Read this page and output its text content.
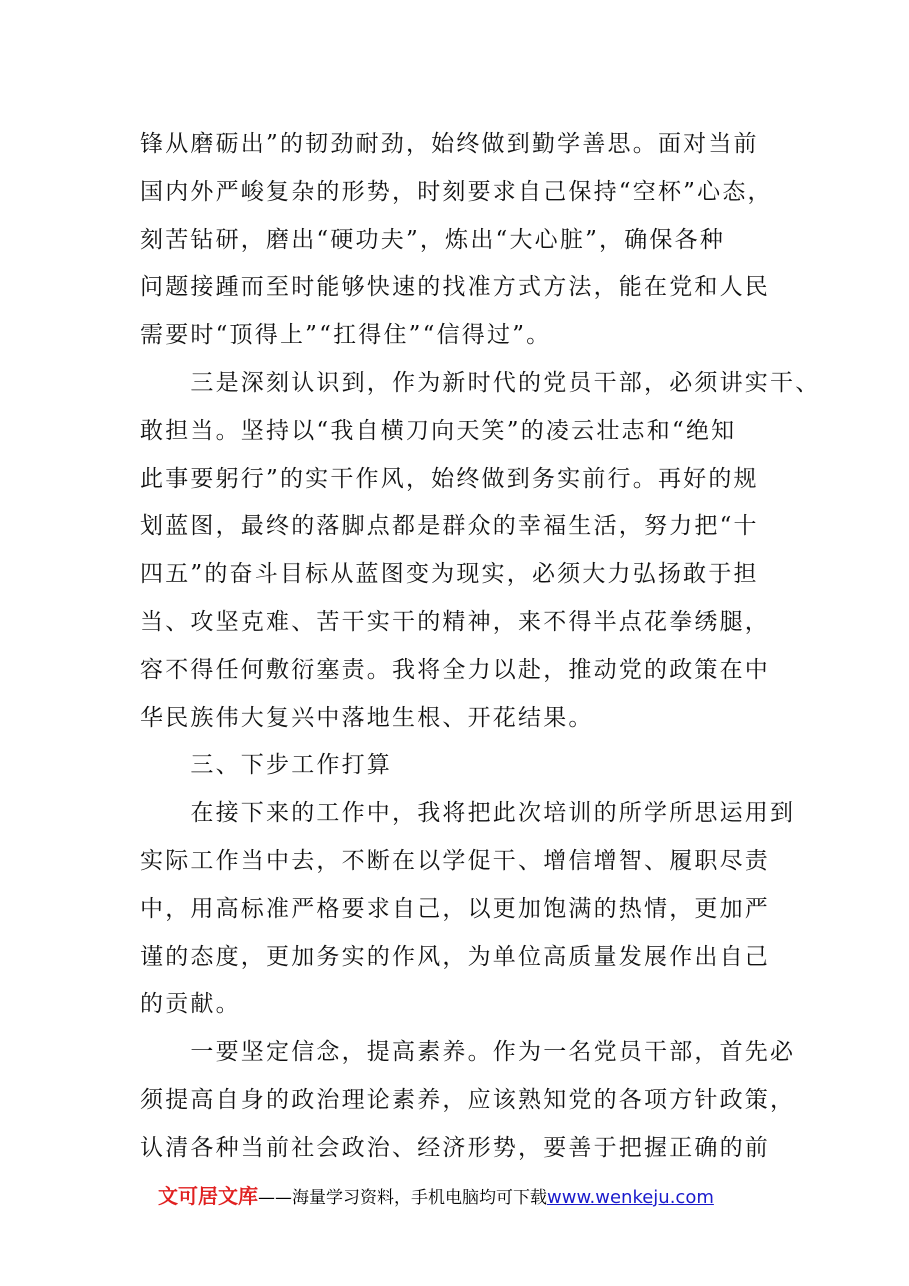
锋从磨砺出”的韧劲耐劲，始终做到勤学善思。面对当前
国内外严峻复杂的形势，时刻要求自己保持“空杯”心态，
刻苦钻研，磨出“硬功夫”，炼出“大心脏”，确保各种
问题接踵而至时能够快速的找准方式方法，能在党和人民
需要时“顶得上”“扛得住”“信得过”。
　　三是深刻认识到，作为新时代的党员干部，必须讲实干、
敢担当。坚持以“我自横刀向天笑”的凌云壮志和“绝知
此事要躬行”的实干作风，始终做到务实前行。再好的规
划蓝图，最终的落脚点都是群众的幸福生活，努力把“十
四五”的奋斗目标从蓝图变为现实，必须大力弘扬敢于担
当、攻坚克难、苦干实干的精神，来不得半点花拳绣腿，
容不得任何敷衍塞责。我将全力以赴，推动党的政策在中
华民族伟大复兴中落地生根、开花结果。
　　三、下步工作打算
　　在接下来的工作中，我将把此次培训的所学所思运用到
实际工作当中去，不断在以学促干、增信增智、履职尽责
中，用高标准严格要求自己，以更加饱满的热情，更加严
谨的态度，更加务实的作风，为单位高质量发展作出自己
的贡献。
　　一要坚定信念，提高素养。作为一名党员干部，首先必
须提高自身的政治理论素养，应该熟知党的各项方针政策，
认清各种当前社会政治、经济形势，要善于把握正确的前
文可居文库——海量学习资料，手机电脑均可下载www.wenkeju.com
